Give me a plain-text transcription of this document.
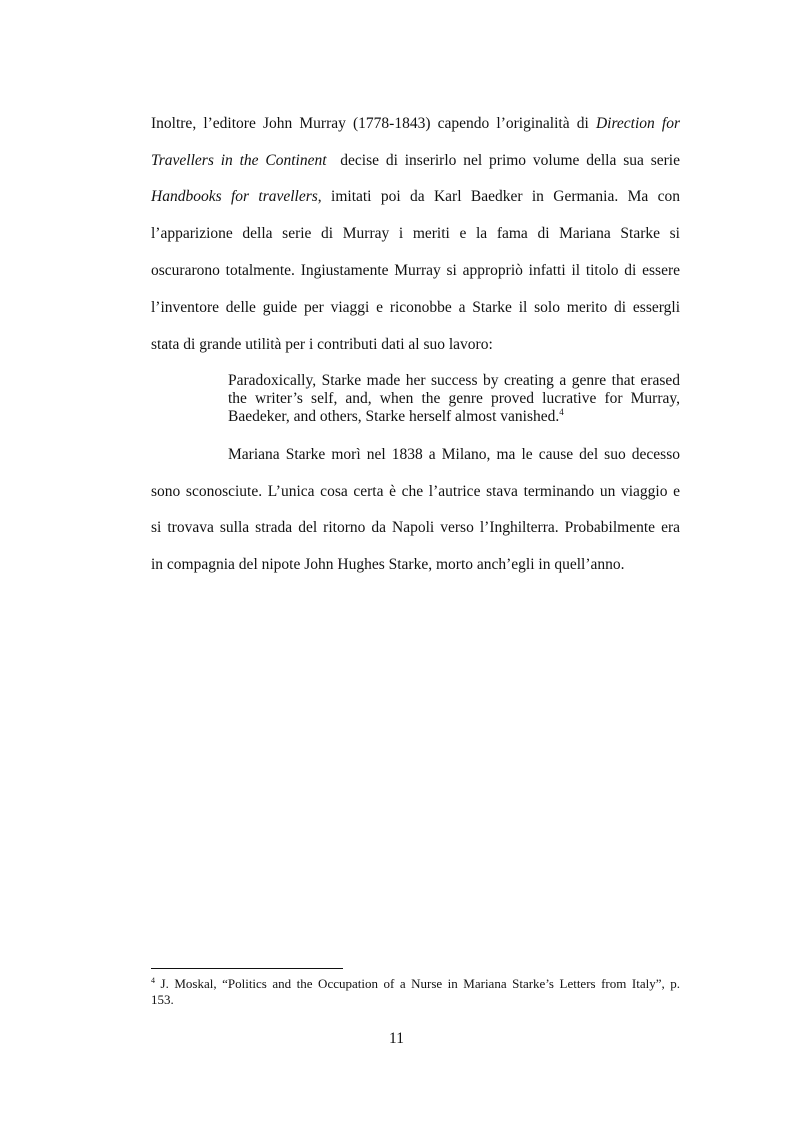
Inoltre, l’editore John Murray (1778-1843) capendo l’originalità di Direction for
Travellers in the Continent  decise di inserirlo nel primo volume della sua serie
Handbooks for travellers, imitati poi da Karl Baedker in Germania. Ma con
l’apparizione della serie di Murray i meriti e la fama di Mariana Starke si
oscurarono totalmente. Ingiustamente Murray si appropriò infatti il titolo di essere
l’inventore delle guide per viaggi e riconobbe a Starke il solo merito di essergli
stata di grande utilità per i contributi dati al suo lavoro:
Paradoxically, Starke made her success by creating a genre that erased
the writer’s self, and, when the genre proved lucrative for Murray,
Baedeker, and others, Starke herself almost vanished.$^4$
Mariana Starke morì nel 1838 a Milano, ma le cause del suo decesso
sono sconosciute. L’unica cosa certa è che l’autrice stava terminando un viaggio e
si trovava sulla strada del ritorno da Napoli verso l’Inghilterra. Probabilmente era
in compagnia del nipote John Hughes Starke, morto anch’egli in quell’anno.
$^4$ J. Moskal, “Politics and the Occupation of a Nurse in Mariana Starke’s Letters from Italy”, p.
153.
11
